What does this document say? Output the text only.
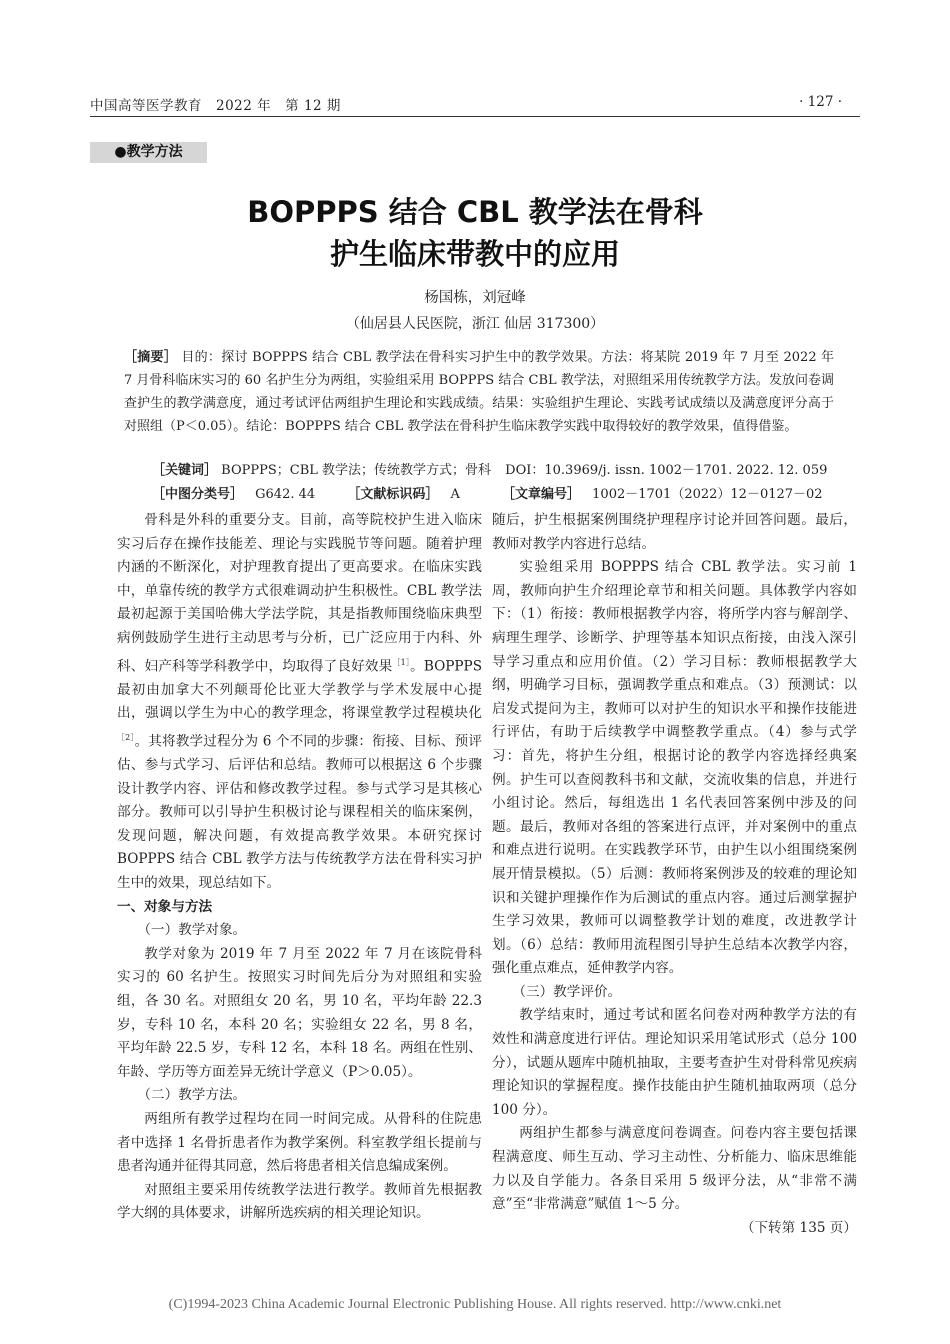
中国高等医学教育　2022 年　第 12 期	· 127 ·
●教学方法
BOPPPS 结合 CBL 教学法在骨科
护生临床带教中的应用
杨国栋，刘冠峰
（仙居县人民医院，浙江 仙居 317300）
［摘要］ 目的：探讨 BOPPPS 结合 CBL 教学法在骨科实习护生中的教学效果。方法：将某院 2019 年 7 月至 2022 年 7 月骨科临床实习的 60 名护生分为两组，实验组采用 BOPPPS 结合 CBL 教学法，对照组采用传统教学方法。发放问卷调查护生的教学满意度，通过考试评估两组护生理论和实践成绩。结果：实验组护生理论、实践考试成绩以及满意度评分高于对照组（P＜0.05）。结论：BOPPPS 结合 CBL 教学法在骨科护生临床教学实践中取得较好的教学效果，值得借鉴。
［关键词］ BOPPPS；CBL 教学法；传统教学方式；骨科 DOI：10.3969/j. issn. 1002－1701. 2022. 12. 059
［中图分类号］ G642. 44 ［文献标识码］ A	［文章编号］ 1002－1701（2022）12－0127－02

骨科是外科的重要分支。目前，高等院校护生进入临床实习后存在操作技能差、理论与实践脱节等问题。随着护理内涵的不断深化，对护理教育提出了更高要求。在临床实践中，单靠传统的教学方式很难调动护生积极性。CBL 教学法最初起源于美国哈佛大学法学院，其是指教师围绕临床典型病例鼓励学生进行主动思考与分析，已广泛应用于内科、外科、妇产科等学科教学中，均取得了良好效果$^{[1]}$。BOPPPS 最初由加拿大不列颠哥伦比亚大学教学与学术发展中心提出，强调以学生为中心的教学理念，将课堂教学过程模块化$^{[2]}$。其将教学过程分为 6 个不同的步骤：衔接、目标、预评估、参与式学习、后评估和总结。教师可以根据这 6 个步骤设计教学内容、评估和修改教学过程。参与式学习是其核心部分。教师可以引导护生积极讨论与课程相关的临床案例，发现问题，解决问题，有效提高教学效果。本研究探讨 BOPPPS 结合 CBL 教学方法与传统教学方法在骨科实习护生中的效果，现总结如下。

一、对象与方法

（一）教学对象。

教学对象为 2019 年 7 月至 2022 年 7 月在该院骨科实习的 60 名护生。按照实习时间先后分为对照组和实验组，各 30 名。对照组女 20 名，男 10 名，平均年龄 22.3 岁，专科 10 名，本科 20 名；实验组女 22 名，男 8 名，平均年龄 22.5 岁，专科 12 名，本科 18 名。两组在性别、年龄、学历等方面差异无统计学意义（P＞0.05）。

（二）教学方法。

两组所有教学过程均在同一时间完成。从骨科的住院患者中选择 1 名骨折患者作为教学案例。科室教学组长提前与患者沟通并征得其同意，然后将患者相关信息编成案例。

对照组主要采用传统教学法进行教学。教师首先根据教学大纲的具体要求，讲解所选疾病的相关理论知识。

随后，护生根据案例围绕护理程序讨论并回答问题。最后，教师对教学内容进行总结。

实验组采用 BOPPPS 结合 CBL 教学法。实习前 1 周，教师向护生介绍理论章节和相关问题。具体教学内容如下：（1）衔接：教师根据教学内容，将所学内容与解剖学、病理生理学、诊断学、护理等基本知识点衔接，由浅入深引导学习重点和应用价值。（2）学习目标：教师根据教学大纲，明确学习目标，强调教学重点和难点。（3）预测试：以启发式提问为主，教师可以对护生的知识水平和操作技能进行评估，有助于后续教学中调整教学重点。（4）参与式学习：首先，将护生分组，根据讨论的教学内容选择经典案例。护生可以查阅教科书和文献，交流收集的信息，并进行小组讨论。然后，每组选出 1 名代表回答案例中涉及的问题。最后，教师对各组的答案进行点评，并对案例中的重点和难点进行说明。在实践教学环节，由护生以小组围绕案例展开情景模拟。（5）后测：教师将案例涉及的较难的理论知识和关键护理操作作为后测试的重点内容。通过后测掌握护生学习效果，教师可以调整教学计划的难度，改进教学计划。（6）总结：教师用流程图引导护生总结本次教学内容，强化重点难点，延伸教学内容。

（三）教学评价。

教学结束时，通过考试和匿名问卷对两种教学方法的有效性和满意度进行评估。理论知识采用笔试形式（总分 100 分），试题从题库中随机抽取，主要考查护生对骨科常见疾病理论知识的掌握程度。操作技能由护生随机抽取两项（总分 100 分）。

两组护生都参与满意度问卷调查。问卷内容主要包括课程满意度、师生互动、学习主动性、分析能力、临床思维能力以及自学能力。各条目采用 5 级评分法，从“非常不满意”至“非常满意”赋值 1～5 分。

（下转第 135 页）

(C)1994-2023 China Academic Journal Electronic Publishing House. All rights reserved. http://www.cnki.net
